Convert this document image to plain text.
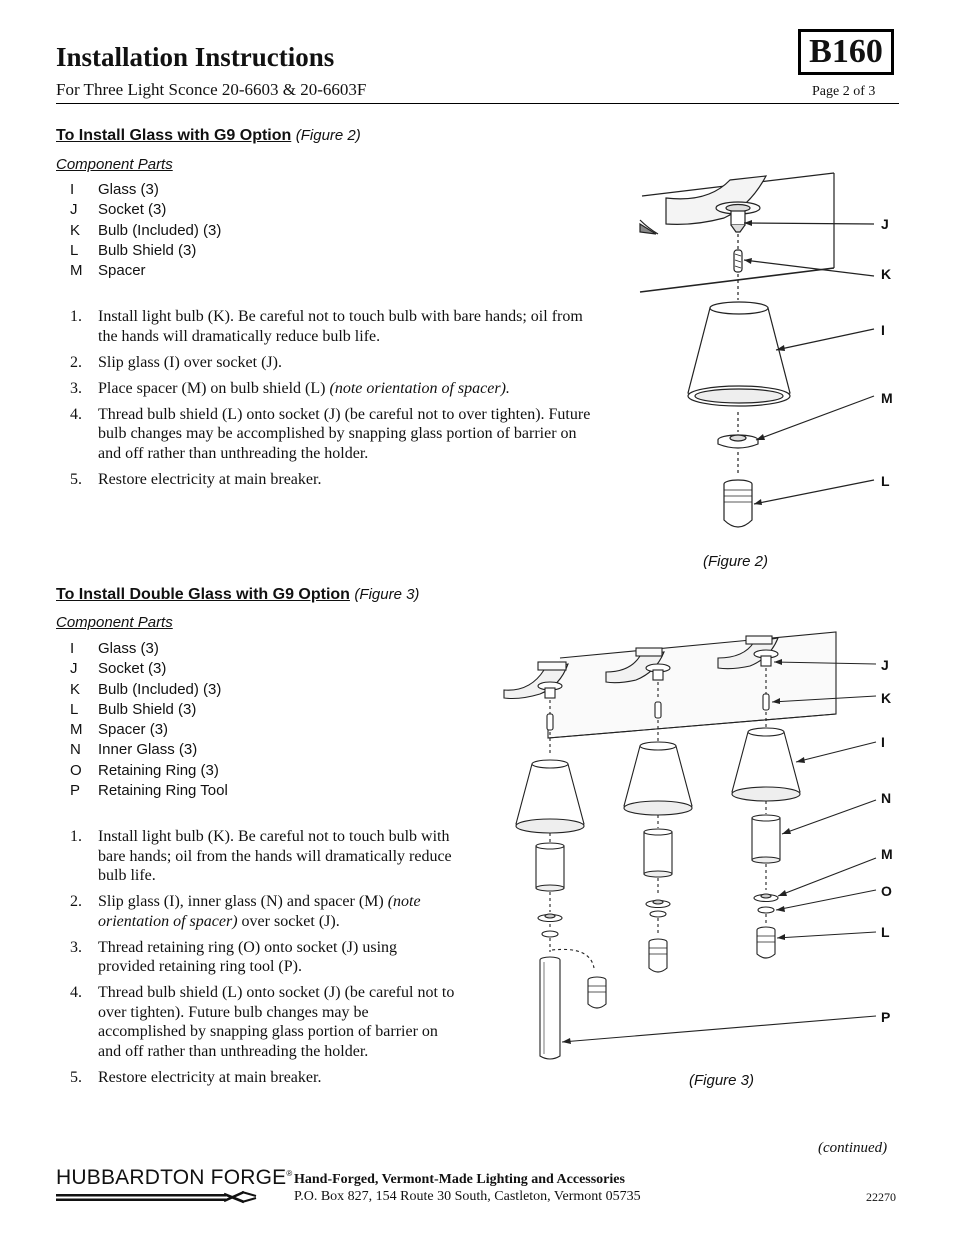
Installation Instructions
For Three Light Sconce 20-6603 & 20-6603F
B160
Page 2 of 3
To Install Glass with G9 Option (Figure 2)
Component Parts
I	Glass (3)
J	Socket (3)
K	Bulb (Included) (3)
L	Bulb Shield (3)
M	Spacer
1.	Install light bulb (K). Be careful not to touch bulb with bare hands; oil from the hands will dramatically reduce bulb life.
2.	Slip glass (I) over socket (J).
3.	Place spacer (M) on bulb shield (L) (note orientation of spacer).
4.	Thread bulb shield (L) onto socket (J) (be careful not to over tighten). Future bulb changes may be accomplished by snapping glass portion of barrier on and off rather than unthreading the holder.
5.	Restore electricity at main breaker.
J
K
I
M
L
(Figure 2)
To Install Double Glass with G9 Option (Figure 3)
Component Parts
I	Glass (3)
J	Socket (3)
K	Bulb (Included) (3)
L	Bulb Shield (3)
M	Spacer (3)
N	Inner Glass (3)
O	Retaining Ring (3)
P	Retaining Ring Tool
1.	Install light bulb (K). Be careful not to touch bulb with bare hands; oil from the hands will dramatically reduce bulb life.
2.	Slip glass (I), inner glass (N) and spacer (M) (note orientation of spacer) over socket (J).
3.	Thread retaining ring (O) onto socket (J) using provided retaining ring tool (P).
4.	Thread bulb shield (L) onto socket (J) (be careful not to over tighten). Future bulb changes may be accomplished by snapping glass portion of barrier on and off rather than unthreading the holder.
5.	Restore electricity at main breaker.
J
K
I
N
M
O
L
P
(Figure 3)
(continued)
HUBBARDTON FORGE® Hand-Forged, Vermont-Made Lighting and Accessories
P.O. Box 827, 154 Route 30 South, Castleton, Vermont 05735	22270
